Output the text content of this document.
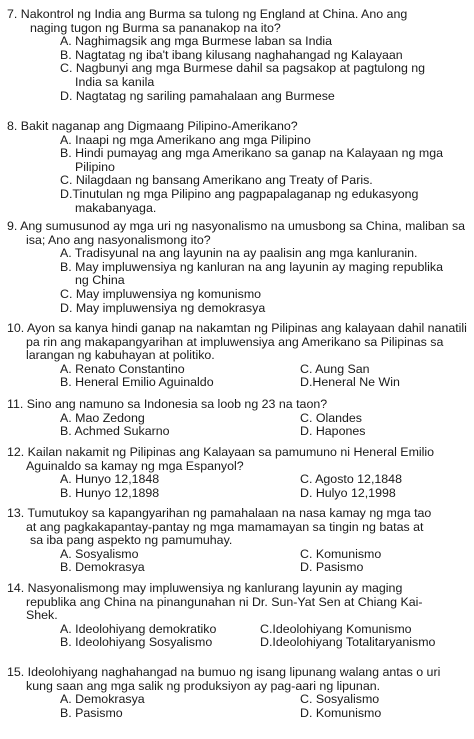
7. Nakontrol ng India ang Burma sa tulong ng England at China. Ano ang
naging tugon ng Burma sa pananakop na ito?
A. Naghimagsik ang mga Burmese laban sa India
B. Nagtatag ng iba't ibang kilusang naghahangad ng Kalayaan
C. Nagbunyi ang mga Burmese dahil sa pagsakop at pagtulong ng
India sa kanila
D. Nagtatag ng sariling pamahalaan ang Burmese
8. Bakit naganap ang Digmaang Pilipino-Amerikano?
A. Inaapi ng mga Amerikano ang mga Pilipino
B. Hindi pumayag ang mga Amerikano sa ganap na Kalayaan ng mga
Pilipino
C. Nilagdaan ng bansang Amerikano ang Treaty of Paris.
D.Tinutulan ng mga Pilipino ang pagpapalaganap ng edukasyong
makabanyaga.
9. Ang sumusunod ay mga uri ng nasyonalismo na umusbong sa China, maliban sa
isa; Ano ang nasyonalismong ito?
A. Tradisyunal na ang layunin na ay paalisin ang mga kanluranin.
B. May impluwensiya ng kanluran na ang layunin ay maging republika
ng China
C. May impluwensiya ng komunismo
D. May impluwensiya ng demokrasya
10. Ayon sa kanya hindi ganap na nakamtan ng Pilipinas ang kalayaan dahil nanatili
pa rin ang makapangyarihan at impluwensiya ang Amerikano sa Pilipinas sa
larangan ng kabuhayan at politiko.
A. Renato Constantino	C. Aung San
B. Heneral Emilio Aguinaldo	D.Heneral Ne Win
11. Sino ang namuno sa Indonesia sa loob ng 23 na taon?
A. Mao Zedong	C. Olandes
B. Achmed Sukarno	D. Hapones
12. Kailan nakamit ng Pilipinas ang Kalayaan sa pamumuno ni Heneral Emilio
Aguinaldo sa kamay ng mga Espanyol?
A. Hunyo 12,1848	C. Agosto 12,1848
B. Hunyo 12,1898	D. Hulyo 12,1998
13. Tumutukoy sa kapangyarihan ng pamahalaan na nasa kamay ng mga tao
at ang pagkakapantay-pantay ng mga mamamayan sa tingin ng batas at
sa iba pang aspekto ng pamumuhay.
A. Sosyalismo	C. Komunismo
B. Demokrasya	D. Pasismo
14. Nasyonalismong may impluwensiya ng kanlurang layunin ay maging
republika ang China na pinangunahan ni Dr. Sun-Yat Sen at Chiang Kai-
Shek.
A. Ideolohiyang demokratiko	C.Ideolohiyang Komunismo
B. Ideolohiyang Sosyalismo	D.Ideolohiyang Totalitaryanismo
15. Ideolohiyang naghahangad na bumuo ng isang lipunang walang antas o uri
kung saan ang mga salik ng produksiyon ay pag-aari ng lipunan.
A. Demokrasya	C. Sosyalismo
B. Pasismo	D. Komunismo
